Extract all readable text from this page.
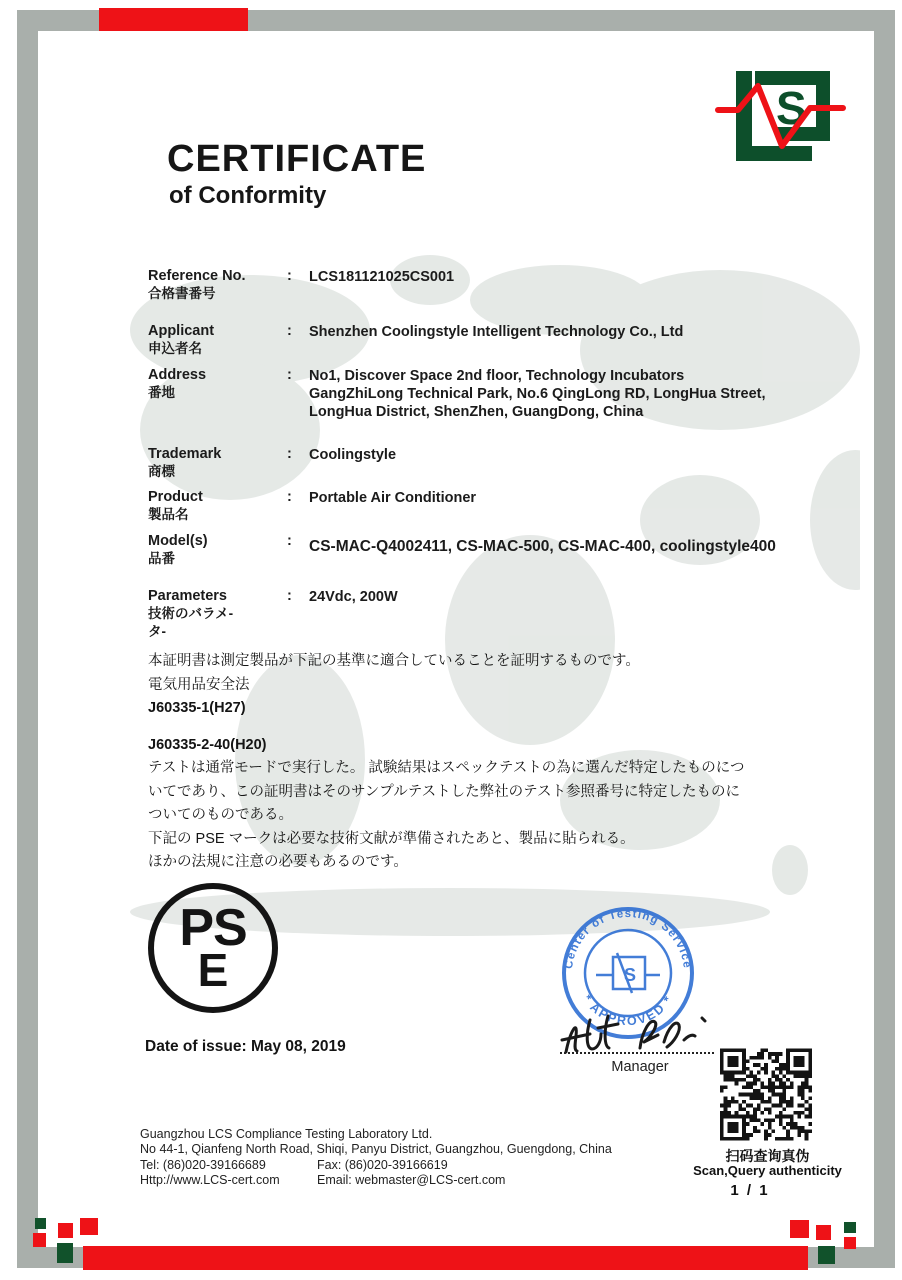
S
CERTIFICATE
of Conformity
Reference No.
合格書番号
:	LCS181121025CS001
Applicant
申込者名
:	Shenzhen Coolingstyle Intelligent Technology Co., Ltd
Address
番地
:	No1, Discover Space 2nd floor, Technology Incubators
GangZhiLong Technical Park, No.6 QingLong RD, LongHua Street,
LongHua District, ShenZhen, GuangDong, China
Trademark
商標
:	Coolingstyle
Product
製品名
:	Portable Air Conditioner
Model(s)
品番
:	CS-MAC-Q4002411, CS-MAC-500, CS-MAC-400, coolingstyle400
Parameters
技術のバラメ-
タ-
:	24Vdc, 200W
本証明書は測定製品が下記の基準に適合していることを証明するものです。
電気用品安全法
J60335-1(H27)
J60335-2-40(H20)
テストは通常モードで実行した。 試験結果はスペックテストの為に選んだ特定したものにつ
いてであり、この証明書はそのサンプルテストした弊社のテスト参照番号に特定したものに
ついてのものである。
下記の PSE マークは必要な技術文献が準備されたあと、製品に貼られる。
ほかの法規に注意の必要もあるのです。
PS
E	Center of Testing Service
* APPROVED *
S
Manager
Date of issue: May 08, 2019
Guangzhou LCS Compliance Testing Laboratory Ltd.
No 44-1, Qianfeng North Road, Shiqi, Panyu District, Guangzhou, Guengdong, China
Tel: (86)020-39166689	Fax: (86)020-39166619
Http://www.LCS-cert.com	Email: webmaster@LCS-cert.com
扫码查询真伪
Scan,Query authenticity
1 / 1
